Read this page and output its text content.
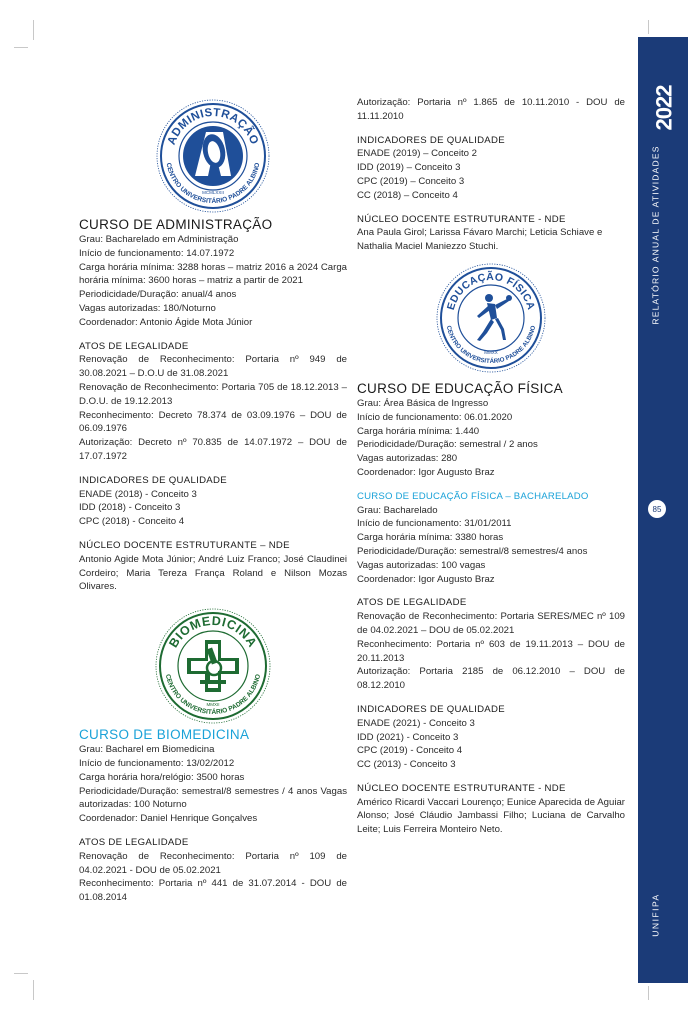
2022
RELATÓRIO ANUAL DE ATIVIDADES
UNIFIPA
85
ADMINISTRAÇÃO
CENTRO UNIVERSITÁRIO PADRE ALBINO
MCMLXXII

CURSO DE ADMINISTRAÇÃO

Grau: Bacharelado em Administração

Início de funcionamento: 14.07.1972

Carga horária mínima: 3288 horas – matriz 2016 a 2024 Carga horária mínima: 3600 horas – matriz a partir de 2021

Periodicidade/Duração: anual/4 anos

Vagas autorizadas: 180/Noturno

Coordenador: Antonio Ágide Mota Júnior

ATOS DE LEGALIDADE

Renovação de Reconhecimento: Portaria nº 949 de 30.08.2021 – D.O.U de 31.08.2021

Renovação de Reconhecimento: Portaria 705 de 18.12.2013 – D.O.U. de 19.12.2013

Reconhecimento: Decreto 78.374 de 03.09.1976 – DOU de 06.09.1976

Autorização: Decreto nº 70.835 de 14.07.1972 – DOU de 17.07.1972

INDICADORES DE QUALIDADE

ENADE (2018) - Conceito 3

IDD (2018) - Conceito 3

CPC (2018) - Conceito 4

NÚCLEO DOCENTE ESTRUTURANTE – NDE

Antonio Agide Mota Júnior; André Luiz Franco; José Claudinei Cordeiro; Maria Tereza França Roland e Nilson Mozas Olivares.

BIOMEDICINA
CENTRO UNIVERSITÁRIO PADRE ALBINO
MMXII

CURSO DE BIOMEDICINA

Grau: Bacharel em Biomedicina

Início de funcionamento: 13/02/2012

Carga horária hora/relógio: 3500 horas

Periodicidade/Duração: semestral/8 semestres / 4 anos Vagas autorizadas: 100 Noturno

Coordenador: Daniel Henrique Gonçalves

ATOS DE LEGALIDADE

Renovação de Reconhecimento: Portaria nº 109 de 04.02.2021 - DOU de 05.02.2021

Reconhecimento: Portaria nº 441 de 31.07.2014 - DOU de 01.08.2014

Autorização: Portaria nº 1.865 de 10.11.2010 - DOU de 11.11.2010

INDICADORES DE QUALIDADE

ENADE (2019) – Conceito 2

IDD (2019) – Conceito 3

CPC (2019) – Conceito 3

CC (2018) – Conceito 4

NÚCLEO DOCENTE ESTRUTURANTE - NDE

Ana Paula Girol; Larissa Fávaro Marchi; Leticia Schiave e Nathalia Maciel Maniezzo Stuchi.

EDUCAÇÃO FÍSICA
CENTRO UNIVERSITÁRIO PADRE ALBINO
MMXX

CURSO DE EDUCAÇÃO FÍSICA

Grau: Área Básica de Ingresso

Início de funcionamento: 06.01.2020

Carga horária mínima: 1.440

Periodicidade/Duração: semestral / 2 anos

Vagas autorizadas: 280

Coordenador: Igor Augusto Braz

CURSO DE EDUCAÇÃO FÍSICA – BACHARELADO

Grau: Bacharelado

Início de funcionamento: 31/01/2011

Carga horária mínima: 3380 horas

Periodicidade/Duração: semestral/8 semestres/4 anos

Vagas autorizadas: 100 vagas

Coordenador: Igor Augusto Braz

ATOS DE LEGALIDADE

Renovação de Reconhecimento: Portaria SERES/MEC nº 109 de 04.02.2021 – DOU de 05.02.2021

Reconhecimento: Portaria nº 603 de 19.11.2013 – DOU de 20.11.2013

Autorização: Portaria 2185 de 06.12.2010 – DOU de 08.12.2010

INDICADORES DE QUALIDADE

ENADE (2021) - Conceito 3

IDD (2021) - Conceito 3

CPC (2019) - Conceito 4

CC (2013) - Conceito 3

NÚCLEO DOCENTE ESTRUTURANTE - NDE

Américo Ricardi Vaccari Lourenço; Eunice Aparecida de Aguiar Alonso; José Cláudio Jambassi Filho; Luciana de Carvalho Leite; Luis Ferreira Monteiro Neto.
